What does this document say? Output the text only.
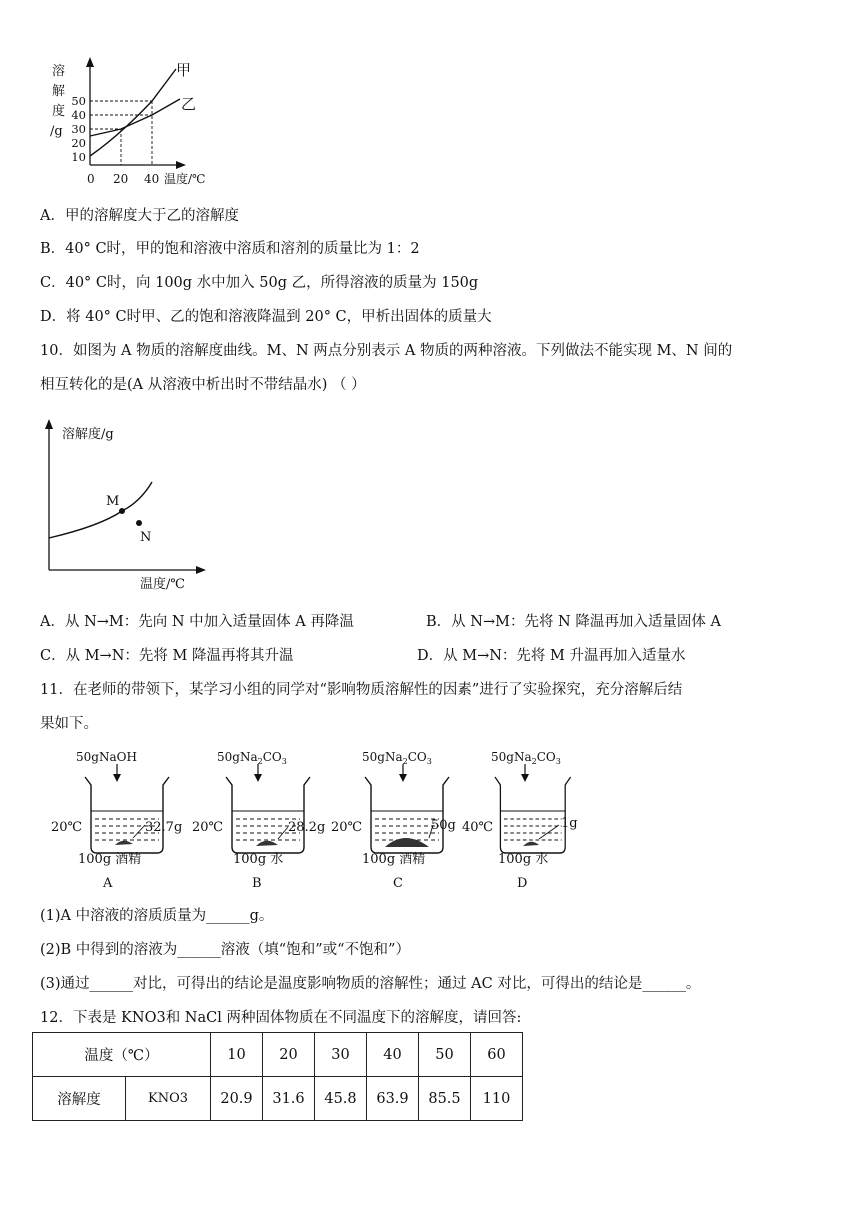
溶
解
度
/g
50
40
30
20
10
甲
乙
0 20 40 温度/℃
A．甲的溶解度大于乙的溶解度
B．40° C时，甲的饱和溶液中溶质和溶剂的质量比为 1：2
C．40° C时，向 100g 水中加入 50g 乙，所得溶液的质量为 150g
D．将 40° C时甲、乙的饱和溶液降温到 20° C，甲析出固体的质量大
10．如图为 A 物质的溶解度曲线。M、N 两点分别表示 A 物质的两种溶液。下列做法不能实现 M、N 间的
相互转化的是(A 从溶液中析出时不带结晶水) （ ）
溶解度/g
M
N
温度/℃
A．从 N→M：先向 N 中加入适量固体 A 再降温	B．从 N→M：先将 N 降温再加入适量固体 A
C．从 M→N：先将 M 降温再将其升温	D．从 M→N：先将 M 升温再加入适量水
11．在老师的带领下，某学习小组的同学对“影响物质溶解性的因素”进行了实验探究，充分溶解后结
果如下。
50gNaOH
20℃	32.7g
100g 酒精
A
$50gNa_2CO_3$
20℃	28.2g
100g 水
B
$50gNa_2CO_3$
20℃	50g
100g 酒精
C
$50gNa_2CO_3$
40℃	1g
100g 水
D
(1)A 中溶液的溶质质量为______g。
(2)B 中得到的溶液为______溶液（填“饱和”或“不饱和”）
(3)通过______对比，可得出的结论是温度影响物质的溶解性；通过 AC 对比，可得出的结论是______。
12．下表是 KNO3和 NaCl 两种固体物质在不同温度下的溶解度，请回答:
温度（℃）		10	20	30	40	50	60
溶解度	KNO3	20.9	31.6	45.8	63.9	85.5	110
